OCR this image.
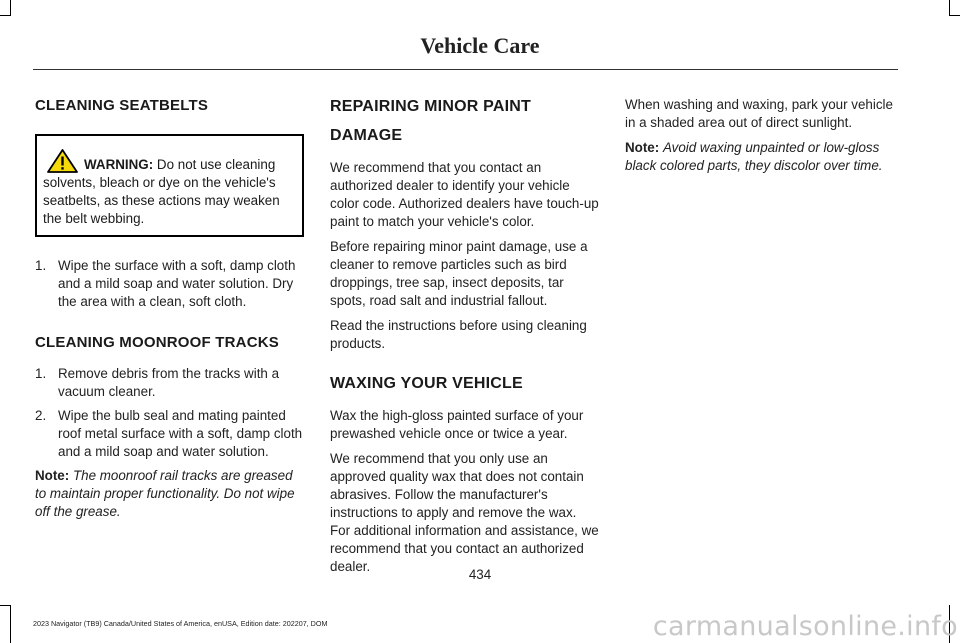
Vehicle Care
CLEANING SEATBELTS
WARNING: Do not use cleaning solvents, bleach or dye on the vehicle's seatbelts, as these actions may weaken the belt webbing.
1. Wipe the surface with a soft, damp cloth and a mild soap and water solution. Dry the area with a clean, soft cloth.
CLEANING MOONROOF TRACKS
1. Remove debris from the tracks with a vacuum cleaner.
2. Wipe the bulb seal and mating painted roof metal surface with a soft, damp cloth and a mild soap and water solution.

Note: The moonroof rail tracks are greased to maintain proper functionality. Do not wipe off the grease.

REPAIRING MINOR PAINT
DAMAGE

We recommend that you contact an authorized dealer to identify your vehicle color code. Authorized dealers have touch-up paint to match your vehicle's color.

Before repairing minor paint damage, use a cleaner to remove particles such as bird droppings, tree sap, insect deposits, tar spots, road salt and industrial fallout.

Read the instructions before using cleaning products.

WAXING YOUR VEHICLE

Wax the high-gloss painted surface of your prewashed vehicle once or twice a year.

We recommend that you only use an approved quality wax that does not contain abrasives. Follow the manufacturer's instructions to apply and remove the wax. For additional information and assistance, we recommend that you contact an authorized dealer.

When washing and waxing, park your vehicle in a shaded area out of direct sunlight.

Note: Avoid waxing unpainted or low-gloss black colored parts, they discolor over time.

434
2023 Navigator (TB9) Canada/United States of America, enUSA, Edition date: 202207, DOM	carmanualsonline.info
